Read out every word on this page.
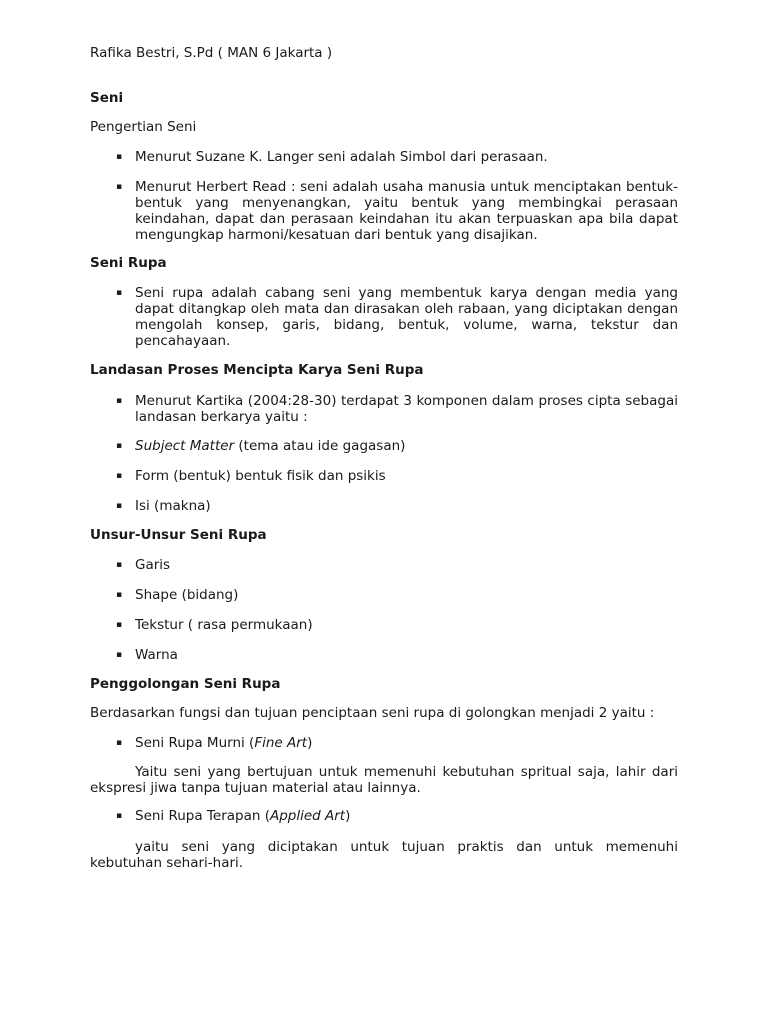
Rafika Bestri, S.Pd ( MAN 6 Jakarta )
Seni
Pengertian Seni
▪ Menurut Suzane K. Langer seni adalah Simbol dari perasaan.
▪ Menurut Herbert Read : seni adalah usaha manusia untuk menciptakan bentuk-bentuk yang menyenangkan, yaitu bentuk yang membingkai perasaan keindahan, dapat dan perasaan keindahan itu akan terpuaskan apa bila dapat mengungkap harmoni/kesatuan dari bentuk yang disajikan.
Seni Rupa
▪ Seni rupa adalah cabang seni yang membentuk karya dengan media yang dapat ditangkap oleh mata dan dirasakan oleh rabaan, yang diciptakan dengan mengolah konsep, garis, bidang, bentuk, volume, warna, tekstur dan pencahayaan.
Landasan Proses Mencipta Karya Seni Rupa
▪ Menurut Kartika (2004:28-30) terdapat 3 komponen dalam proses cipta sebagai landasan berkarya yaitu :
▪ Subject Matter (tema atau ide gagasan)
▪ Form (bentuk) bentuk fisik dan psikis
▪ Isi (makna)
Unsur-Unsur Seni Rupa
▪ Garis
▪ Shape (bidang)
▪ Tekstur ( rasa permukaan)
▪ Warna
Penggolongan Seni Rupa
Berdasarkan fungsi dan tujuan penciptaan seni rupa di golongkan menjadi 2 yaitu :
▪ Seni Rupa Murni (Fine Art)
Yaitu seni yang bertujuan untuk memenuhi kebutuhan spritual saja, lahir dari ekspresi jiwa tanpa tujuan material atau lainnya.
▪ Seni Rupa Terapan (Applied Art)
yaitu seni yang diciptakan untuk tujuan praktis dan untuk memenuhi kebutuhan sehari-hari.
